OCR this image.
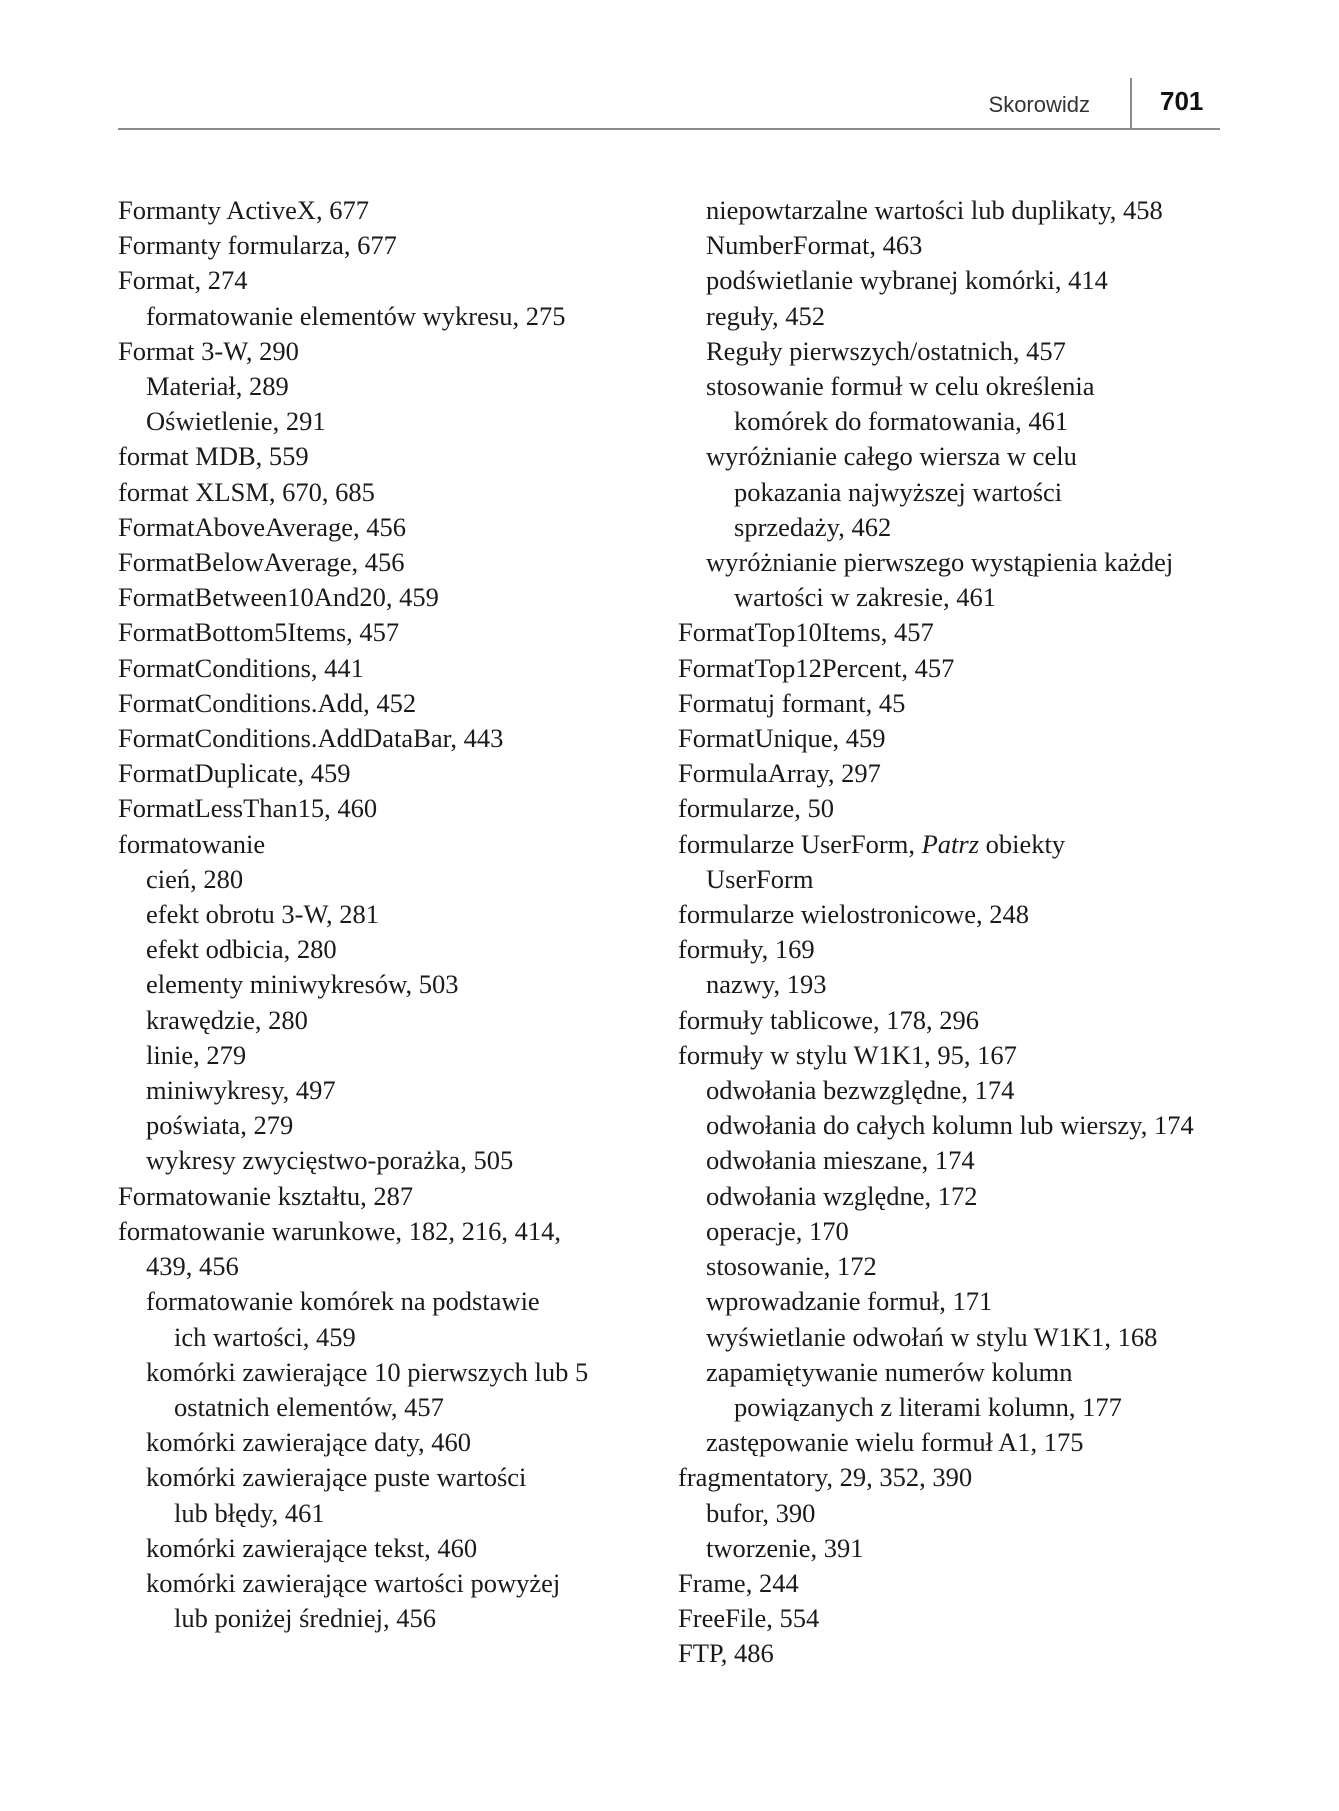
Skorowidz	701
Formanty ActiveX, 677
Formanty formularza, 677
Format, 274
formatowanie elementów wykresu, 275
Format 3-W, 290
Materiał, 289
Oświetlenie, 291
format MDB, 559
format XLSM, 670, 685
FormatAboveAverage, 456
FormatBelowAverage, 456
FormatBetween10And20, 459
FormatBottom5Items, 457
FormatConditions, 441
FormatConditions.Add, 452
FormatConditions.AddDataBar, 443
FormatDuplicate, 459
FormatLessThan15, 460
formatowanie
cień, 280
efekt obrotu 3-W, 281
efekt odbicia, 280
elementy miniwykresów, 503
krawędzie, 280
linie, 279
miniwykresy, 497
poświata, 279
wykresy zwycięstwo-porażka, 505
Formatowanie kształtu, 287
formatowanie warunkowe, 182, 216, 414,
439, 456
formatowanie komórek na podstawie
ich wartości, 459
komórki zawierające 10 pierwszych lub 5
ostatnich elementów, 457
komórki zawierające daty, 460
komórki zawierające puste wartości
lub błędy, 461
komórki zawierające tekst, 460
komórki zawierające wartości powyżej
lub poniżej średniej, 456
niepowtarzalne wartości lub duplikaty, 458
NumberFormat, 463
podświetlanie wybranej komórki, 414
reguły, 452
Reguły pierwszych/ostatnich, 457
stosowanie formuł w celu określenia
komórek do formatowania, 461
wyróżnianie całego wiersza w celu
pokazania najwyższej wartości
sprzedaży, 462
wyróżnianie pierwszego wystąpienia każdej
wartości w zakresie, 461
FormatTop10Items, 457
FormatTop12Percent, 457
Formatuj formant, 45
FormatUnique, 459
FormulaArray, 297
formularze, 50
formularze UserForm, Patrz obiekty
UserForm
formularze wielostronicowe, 248
formuły, 169
nazwy, 193
formuły tablicowe, 178, 296
formuły w stylu W1K1, 95, 167
odwołania bezwzględne, 174
odwołania do całych kolumn lub wierszy, 174
odwołania mieszane, 174
odwołania względne, 172
operacje, 170
stosowanie, 172
wprowadzanie formuł, 171
wyświetlanie odwołań w stylu W1K1, 168
zapamiętywanie numerów kolumn
powiązanych z literami kolumn, 177
zastępowanie wielu formuł A1, 175
fragmentatory, 29, 352, 390
bufor, 390
tworzenie, 391
Frame, 244
FreeFile, 554
FTP, 486
